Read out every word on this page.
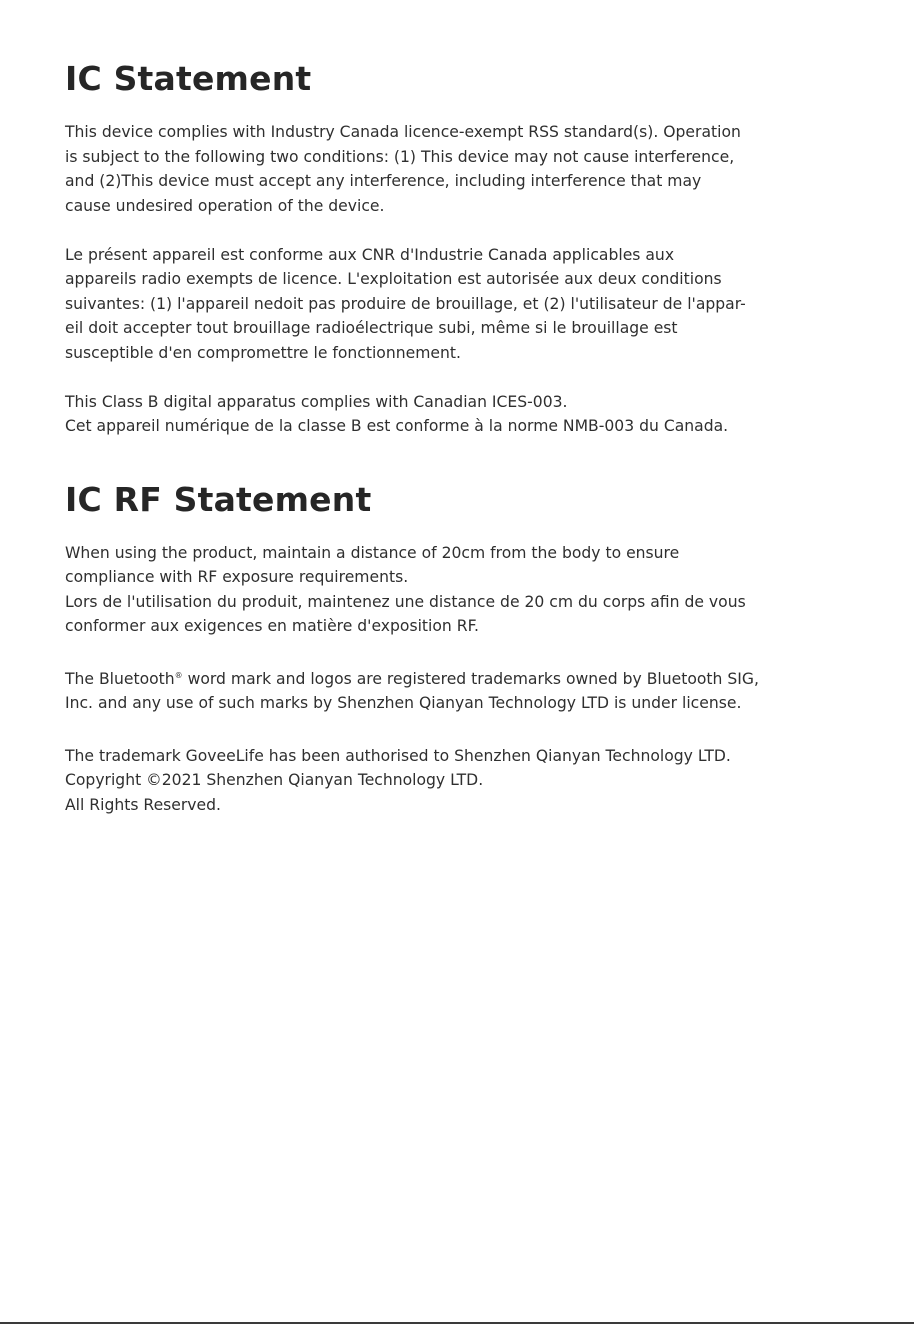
IC Statement

This device complies with Industry Canada licence-exempt RSS standard(s). Operation
is subject to the following two conditions: (1) This device may not cause interference,
and (2)This device must accept any interference, including interference that may
cause undesired operation of the device.

Le présent appareil est conforme aux CNR d'Industrie Canada applicables aux
appareils radio exempts de licence. L'exploitation est autorisée aux deux conditions
suivantes: (1) l'appareil nedoit pas produire de brouillage, et (2) l'utilisateur de l'appar-
eil doit accepter tout brouillage radioélectrique subi, même si le brouillage est
susceptible d'en compromettre le fonctionnement.

This Class B digital apparatus complies with Canadian ICES-003.
Cet appareil numérique de la classe B est conforme à la norme NMB-003 du Canada.

IC RF Statement

When using the product, maintain a distance of 20cm from the body to ensure
compliance with RF exposure requirements.
Lors de l'utilisation du produit, maintenez une distance de 20 cm du corps afin de vous
conformer aux exigences en matière d'exposition RF.

The Bluetooth® word mark and logos are registered trademarks owned by Bluetooth SIG,
Inc. and any use of such marks by Shenzhen Qianyan Technology LTD is under license.

The trademark GoveeLife has been authorised to Shenzhen Qianyan Technology LTD.
Copyright ©2021 Shenzhen Qianyan Technology LTD.
All Rights Reserved.
